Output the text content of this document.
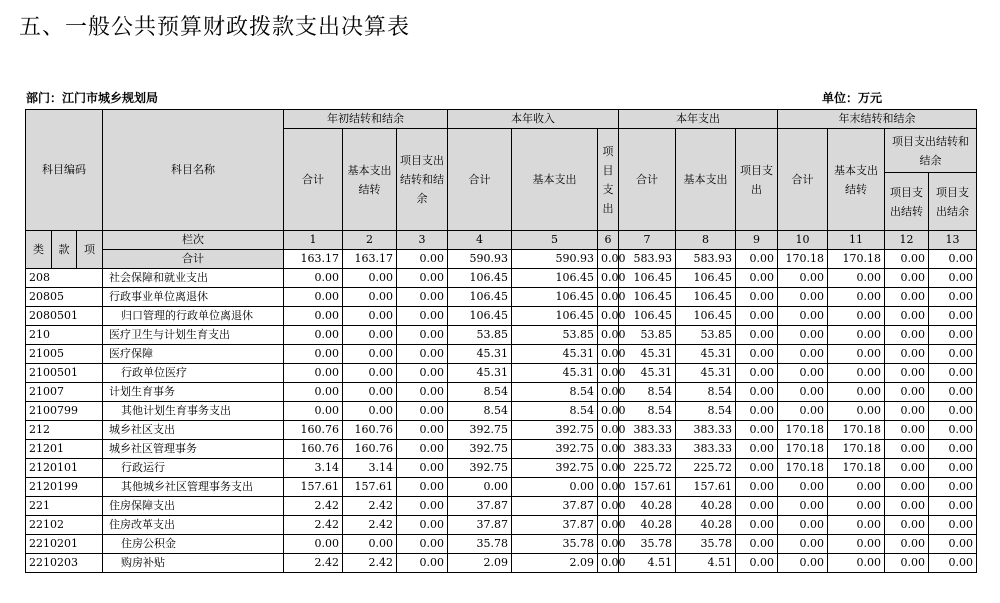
五、一般公共预算财政拨款支出决算表
部门：江门市城乡规划局	单位：万元
科目编码			科目名称	年初结转和结余			本年收入			本年支出			年末结转和结余			
				合计	基本支出结转	项目支出结转和结余	合计	基本支出	项目支出	合计	基本支出	项目支出	合计	基本支出结转	项目支出结转和结余	
															项目支出结转	项目支出结余
类	款	项	栏次	1	2	3	4	5	6	7	8	9	10	11	12	13
			合计	163.17	163.17	0.00	590.93	590.93	0.00	583.93	583.93	0.00	170.18	170.18	0.00	0.00
208			社会保障和就业支出	0.00	0.00	0.00	106.45	106.45	0.00	106.45	106.45	0.00	0.00	0.00	0.00	0.00
20805			行政事业单位离退休	0.00	0.00	0.00	106.45	106.45	0.00	106.45	106.45	0.00	0.00	0.00	0.00	0.00
2080501			归口管理的行政单位离退休	0.00	0.00	0.00	106.45	106.45	0.00	106.45	106.45	0.00	0.00	0.00	0.00	0.00
210			医疗卫生与计划生育支出	0.00	0.00	0.00	53.85	53.85	0.00	53.85	53.85	0.00	0.00	0.00	0.00	0.00
21005			医疗保障	0.00	0.00	0.00	45.31	45.31	0.00	45.31	45.31	0.00	0.00	0.00	0.00	0.00
2100501			行政单位医疗	0.00	0.00	0.00	45.31	45.31	0.00	45.31	45.31	0.00	0.00	0.00	0.00	0.00
21007			计划生育事务	0.00	0.00	0.00	8.54	8.54	0.00	8.54	8.54	0.00	0.00	0.00	0.00	0.00
2100799			其他计划生育事务支出	0.00	0.00	0.00	8.54	8.54	0.00	8.54	8.54	0.00	0.00	0.00	0.00	0.00
212			城乡社区支出	160.76	160.76	0.00	392.75	392.75	0.00	383.33	383.33	0.00	170.18	170.18	0.00	0.00
21201			城乡社区管理事务	160.76	160.76	0.00	392.75	392.75	0.00	383.33	383.33	0.00	170.18	170.18	0.00	0.00
2120101			行政运行	3.14	3.14	0.00	392.75	392.75	0.00	225.72	225.72	0.00	170.18	170.18	0.00	0.00
2120199			其他城乡社区管理事务支出	157.61	157.61	0.00	0.00	0.00	0.00	157.61	157.61	0.00	0.00	0.00	0.00	0.00
221			住房保障支出	2.42	2.42	0.00	37.87	37.87	0.00	40.28	40.28	0.00	0.00	0.00	0.00	0.00
22102			住房改革支出	2.42	2.42	0.00	37.87	37.87	0.00	40.28	40.28	0.00	0.00	0.00	0.00	0.00
2210201			住房公积金	0.00	0.00	0.00	35.78	35.78	0.00	35.78	35.78	0.00	0.00	0.00	0.00	0.00
2210203			购房补贴	2.42	2.42	0.00	2.09	2.09	0.00	4.51	4.51	0.00	0.00	0.00	0.00	0.00
